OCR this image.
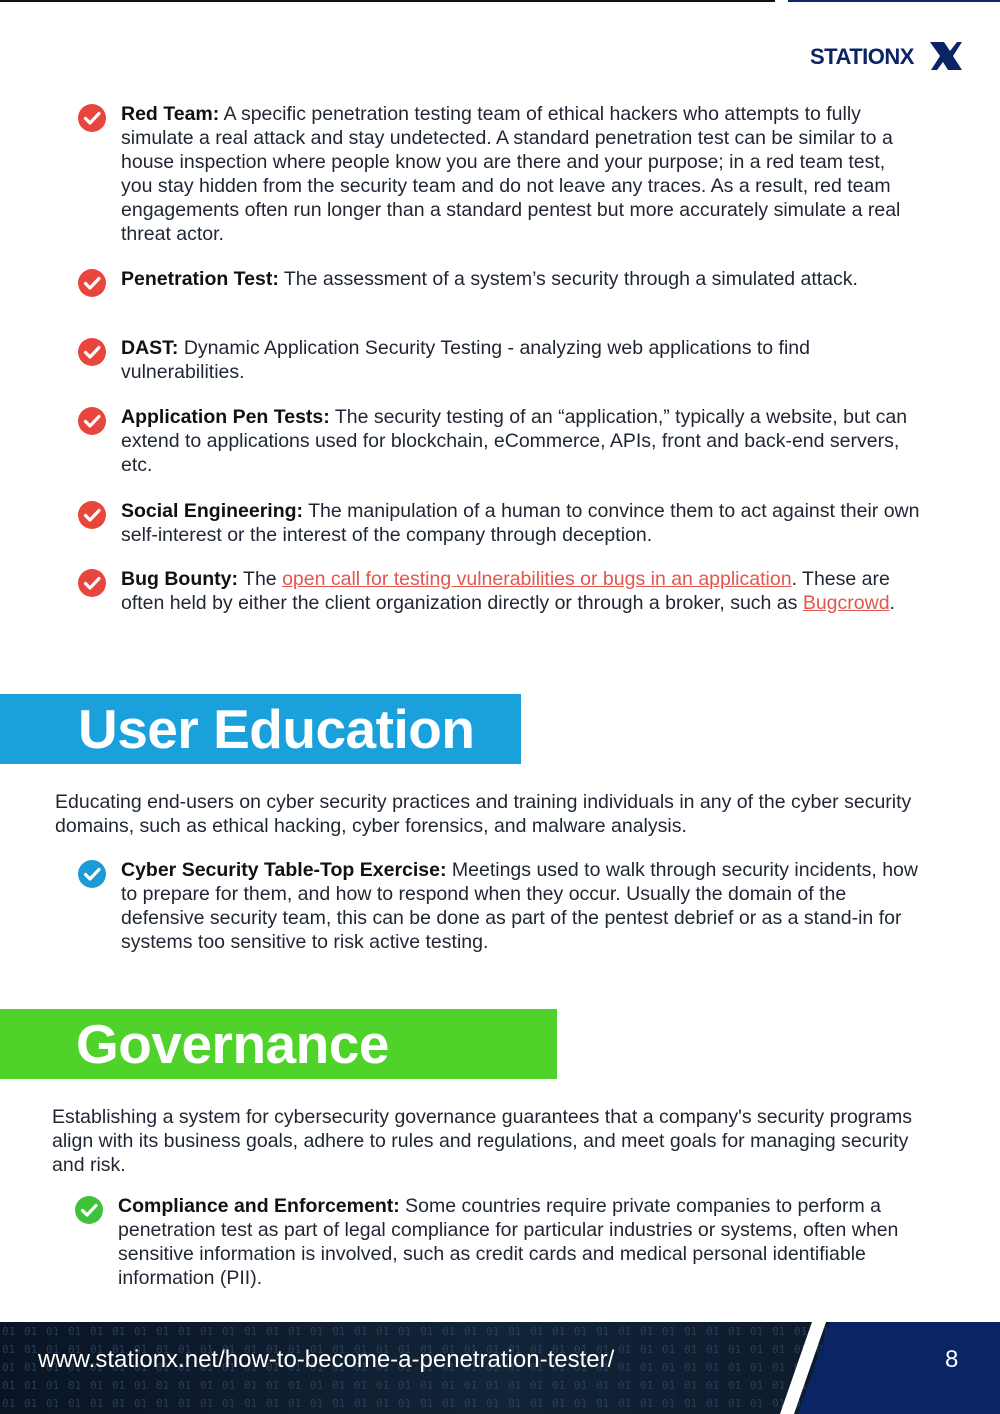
STATIONX
Red Team: A specific penetration testing team of ethical hackers who attempts to fully simulate a real attack and stay undetected. A standard penetration test can be similar to a house inspection where people know you are there and your purpose; in a red team test, you stay hidden from the security team and do not leave any traces. As a result, red team engagements often run longer than a standard pentest but more accurately simulate a real threat actor.
Penetration Test: The assessment of a system’s security through a simulated attack.
DAST: Dynamic Application Security Testing - analyzing web applications to find vulnerabilities.
Application Pen Tests: The security testing of an “application,” typically a website, but can extend to applications used for blockchain, eCommerce, APIs, front and back-end servers, etc.
Social Engineering: The manipulation of a human to convince them to act against their own self-interest or the interest of the company through deception.
Bug Bounty: The open call for testing vulnerabilities or bugs in an application. These are often held by either the client organization directly or through a broker, such as Bugcrowd.
User Education
Educating end-users on cyber security practices and training individuals in any of the cyber security domains, such as ethical hacking, cyber forensics, and malware analysis.
Cyber Security Table-Top Exercise: Meetings used to walk through security incidents, how to prepare for them, and how to respond when they occur. Usually the domain of the defensive security team, this can be done as part of the pentest debrief or as a stand-in for systems too sensitive to risk active testing.
Governance
Establishing a system for cybersecurity governance guarantees that a company's security programs align with its business goals, adhere to rules and regulations, and meet goals for managing security and risk.
Compliance and Enforcement: Some countries require private companies to perform a penetration test as part of legal compliance for particular industries or systems, often when sensitive information is involved, such as credit cards and medical personal identifiable information (PII).
www.stationx.net/how-to-become-a-penetration-tester/	8
